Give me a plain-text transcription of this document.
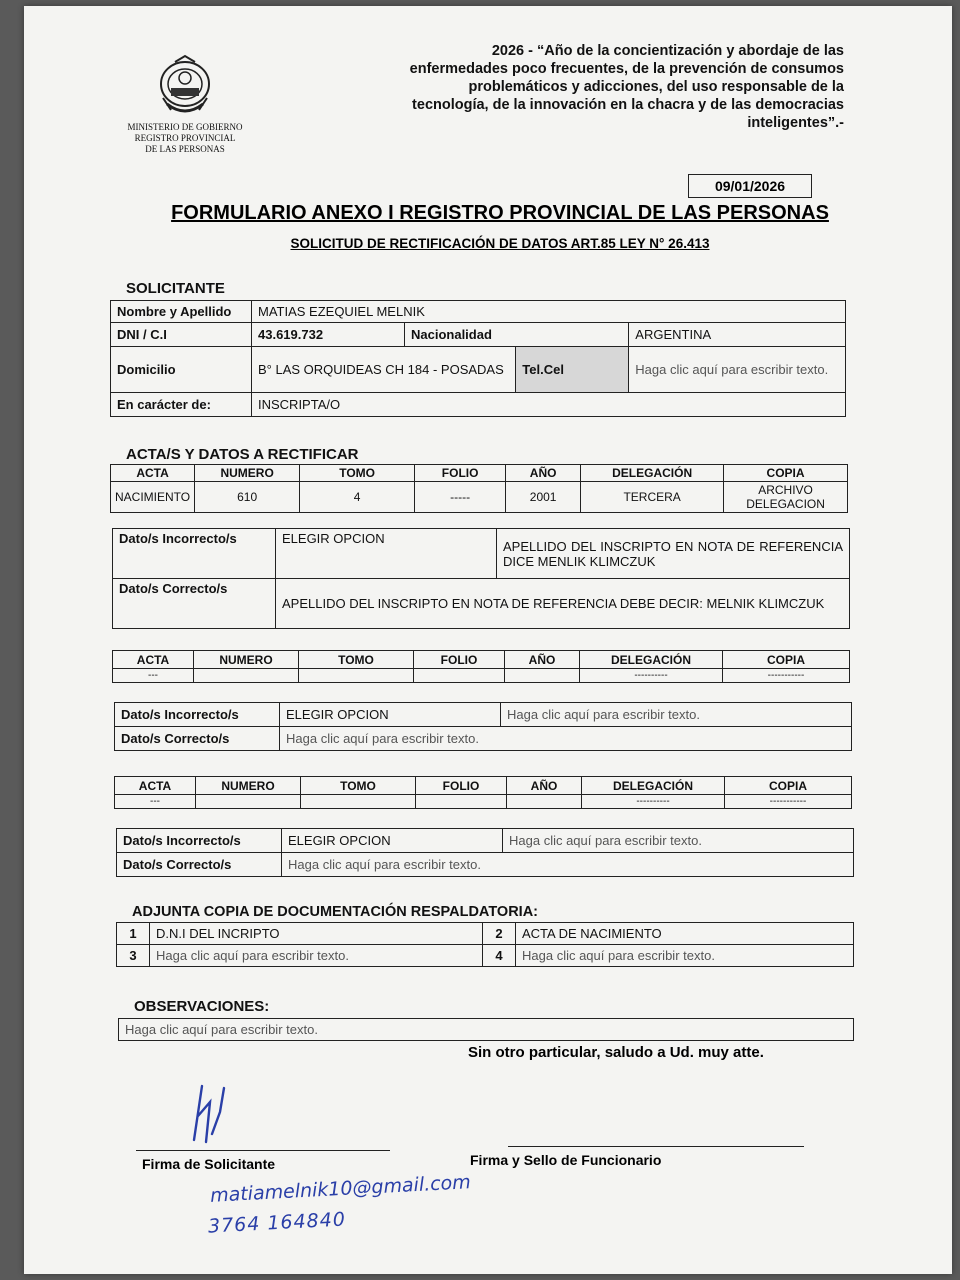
MINISTERIO DE GOBIERNO
REGISTRO PROVINCIAL
DE LAS PERSONAS
2026 - “Año de la concientización y abordaje de las enfermedades poco frecuentes, de la prevención de consumos problemáticos y adicciones, del uso responsable de la tecnología, de la innovación en la chacra y de las democracias inteligentes”.-
09/01/2026
FORMULARIO ANEXO I REGISTRO PROVINCIAL DE LAS PERSONAS
SOLICITUD DE RECTIFICACIÓN DE DATOS ART.85 LEY N° 26.413
SOLICITANTE
Nombre y Apellido	MATIAS EZEQUIEL MELNIK			
DNI / C.I	43.619.732	Nacionalidad		ARGENTINA
Domicilio	B° LAS ORQUIDEAS CH 184 - POSADAS		Tel.Cel	Haga clic aquí para escribir texto.
En carácter de:	INSCRIPTA/O			
ACTA/S Y DATOS A RECTIFICAR
ACTA	NUMERO	TOMO	FOLIO	AÑO	DELEGACIÓN	COPIA
NACIMIENTO	610	4	-----	2001	TERCERA	ARCHIVO DELEGACION
Dato/s Incorrecto/s	ELEGIR OPCION	APELLIDO DEL INSCRIPTO EN NOTA DE REFERENCIA DICE MENLIK KLIMCZUK
Dato/s Correcto/s	APELLIDO DEL INSCRIPTO EN NOTA DE REFERENCIA DEBE DECIR: MELNIK KLIMCZUK	
ACTA	NUMERO	TOMO	FOLIO	AÑO	DELEGACIÓN	COPIA
---					----------	-----------
Dato/s Incorrecto/s	ELEGIR OPCION	Haga clic aquí para escribir texto.
Dato/s Correcto/s	Haga clic aquí para escribir texto.	
ACTA	NUMERO	TOMO	FOLIO	AÑO	DELEGACIÓN	COPIA
---					----------	-----------
Dato/s Incorrecto/s	ELEGIR OPCION	Haga clic aquí para escribir texto.
Dato/s Correcto/s	Haga clic aquí para escribir texto.	
ADJUNTA COPIA DE DOCUMENTACIÓN RESPALDATORIA:
1	D.N.I DEL INCRIPTO	2	ACTA DE NACIMIENTO
3	Haga clic aquí para escribir texto.	4	Haga clic aquí para escribir texto.
OBSERVACIONES:
Haga clic aquí para escribir texto.
Sin otro particular, saludo a Ud. muy atte.
Firma de Solicitante	Firma y Sello de Funcionario
matiamelnik10@gmail.com
3764 164840
